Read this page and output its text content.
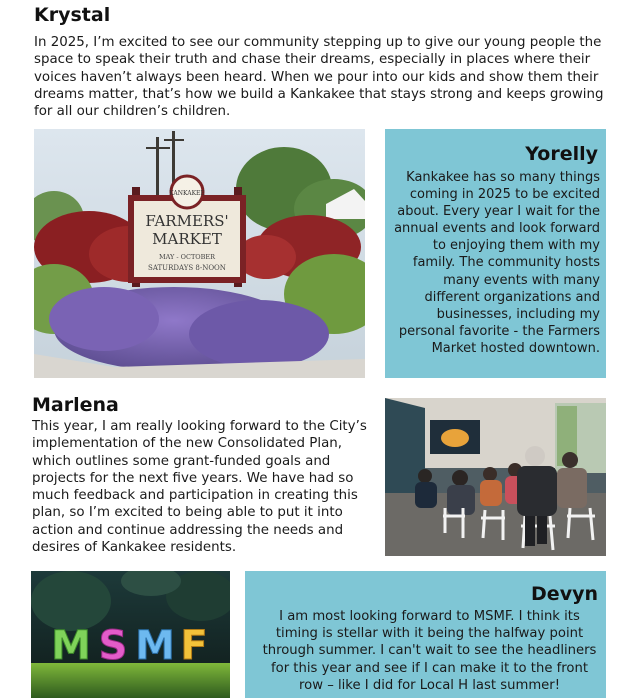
Krystal

In 2025, I’m excited to see our community stepping up to give our young people the space to speak their truth and chase their dreams, especially in places where their voices haven’t always been heard. When we pour into our kids and show them their dreams matter, that’s how we build a Kankakee that stays strong and keeps growing for all our children’s children.

KANKAKEE
FARMERS'
MARKET
MAY - OCTOBER
SATURDAYS 8-NOON
Yorelly

Kankakee has so many things coming in 2025 to be excited about. Every year I wait for the annual events and look forward to enjoying them with my family. The community hosts many events with many different organizations and businesses, including my personal favorite - the Farmers Market hosted downtown.

Marlena

This year, I am really looking forward to the City’s implementation of the new Consolidated Plan, which outlines some grant-funded goals and projects for the next five years. We have had so much feedback and participation in creating this plan, so I’m excited to being able to put it into action and continue addressing the needs and desires of Kankakee residents.

M S M F
Devyn

I am most looking forward to MSMF. I think its timing is stellar with it being the halfway point through summer. I can't wait to see the headliners for this year and see if I can make it to the front row – like I did for Local H last summer!
